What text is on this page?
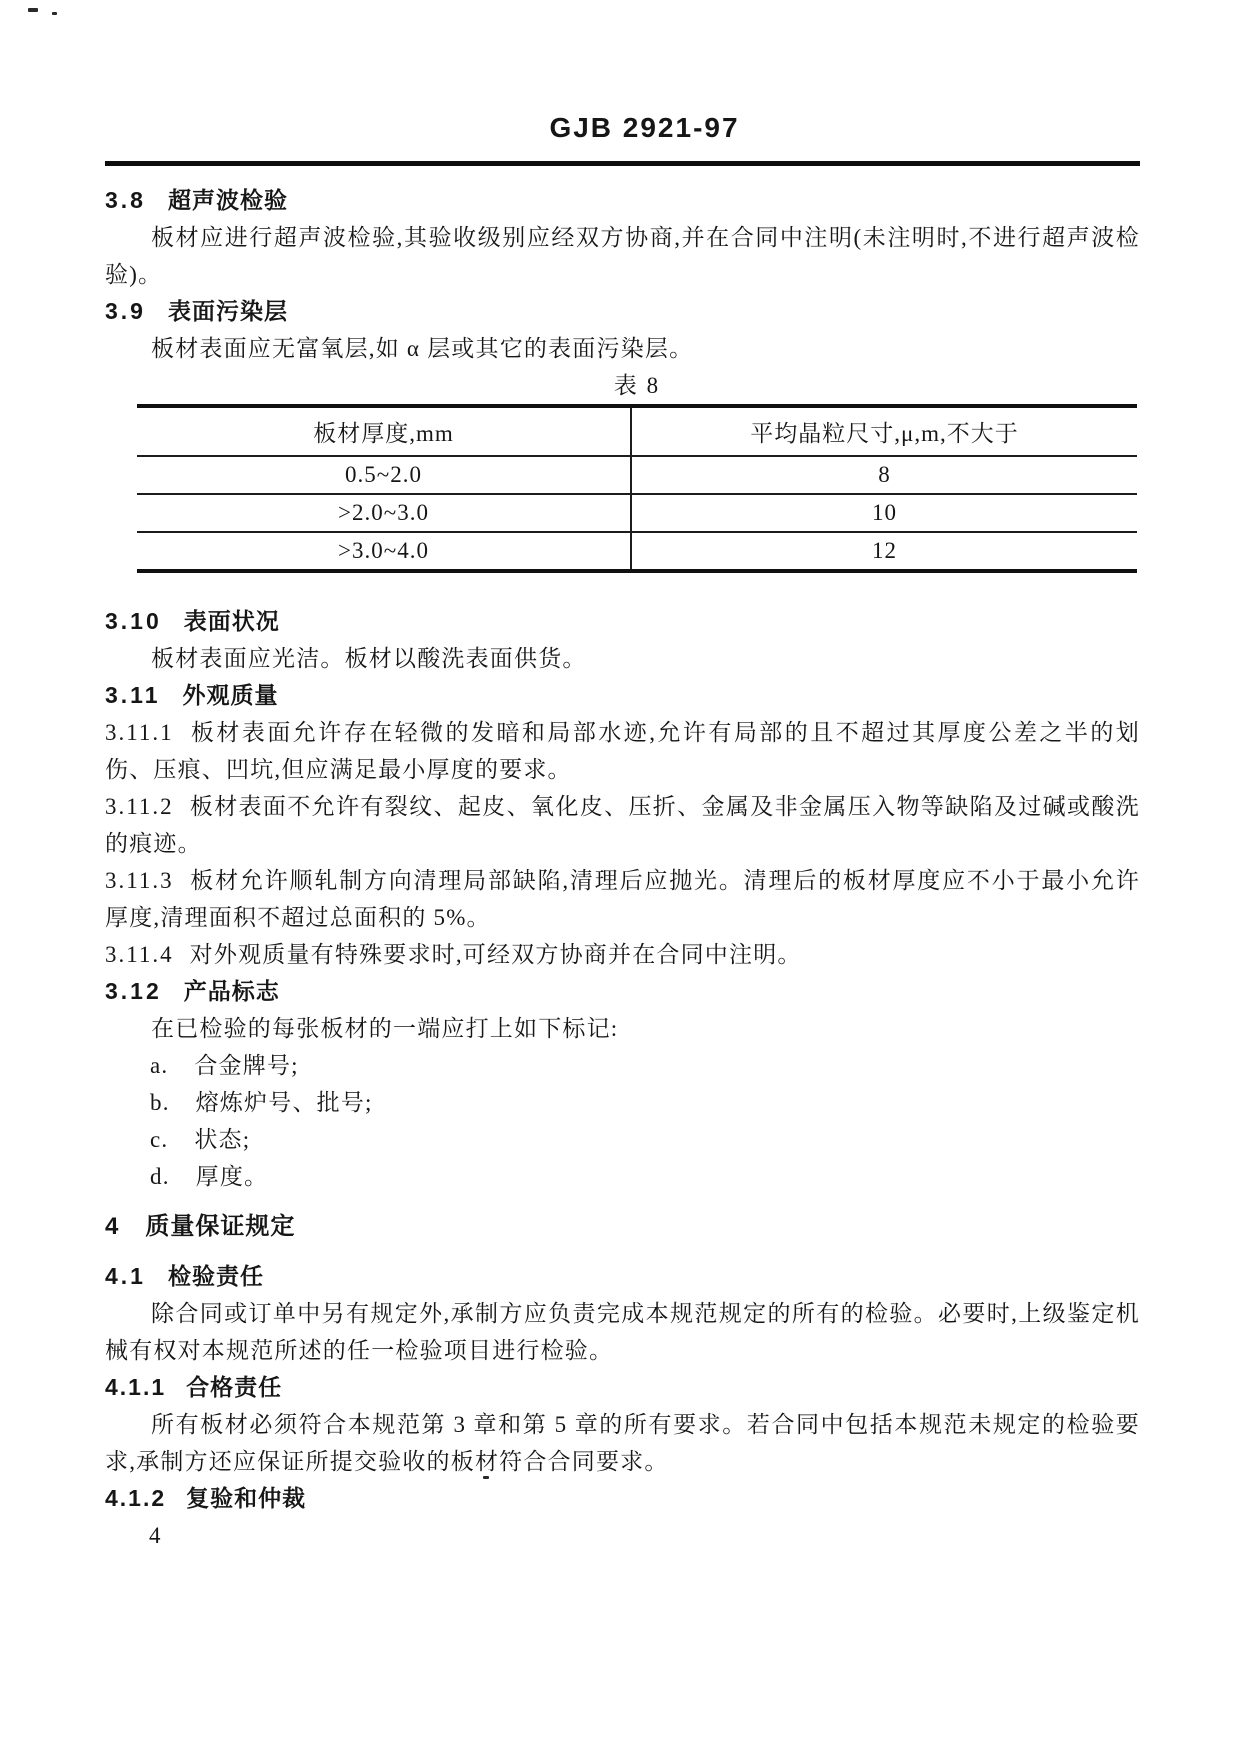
GJB 2921-97
3.8 超声波检验

板材应进行超声波检验,其验收级别应经双方协商,并在合同中注明(未注明时,不进行超声波检验)。

3.9 表面污染层

板材表面应无富氧层,如 α 层或其它的表面污染层。

表 8
板材厚度,mm	平均晶粒尺寸,μ,m,不大于
0.5~2.0	8
>2.0~3.0	10
>3.0~4.0	12
3.10 表面状况

板材表面应光洁。板材以酸洗表面供货。

3.11 外观质量

3.11.1 板材表面允许存在轻微的发暗和局部水迹,允许有局部的且不超过其厚度公差之半的划伤、压痕、凹坑,但应满足最小厚度的要求。

3.11.2 板材表面不允许有裂纹、起皮、氧化皮、压折、金属及非金属压入物等缺陷及过碱或酸洗的痕迹。

3.11.3 板材允许顺轧制方向清理局部缺陷,清理后应抛光。清理后的板材厚度应不小于最小允许厚度,清理面积不超过总面积的 5%。

3.11.4 对外观质量有特殊要求时,可经双方协商并在合同中注明。

3.12 产品标志

在已检验的每张板材的一端应打上如下标记:

a. 合金牌号;
b. 熔炼炉号、批号;
c. 状态;
d. 厚度。
4 质量保证规定
4.1 检验责任

除合同或订单中另有规定外,承制方应负责完成本规范规定的所有的检验。必要时,上级鉴定机械有权对本规范所述的任一检验项目进行检验。

4.1.1 合格责任

所有板材必须符合本规范第 3 章和第 5 章的所有要求。若合同中包括本规范未规定的检验要求,承制方还应保证所提交验收的板材符合合同要求。

4.1.2 复验和仲裁
4
